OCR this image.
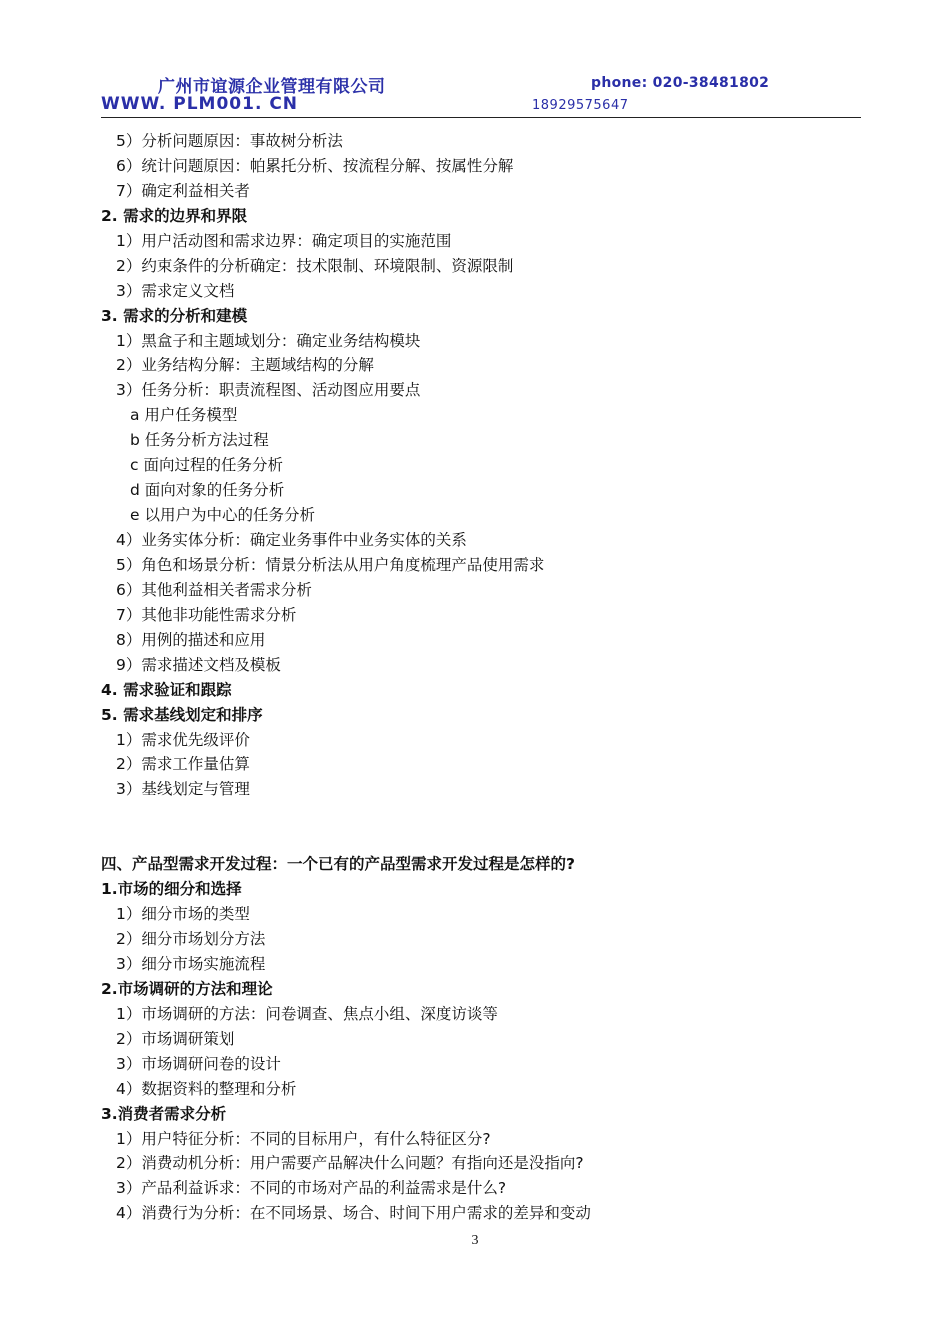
广州市谊源企业管理有限公司
WWW. PLM001. CN
phone: 020-38481802
18929575647
5）分析问题原因：事故树分析法
6）统计问题原因：帕累托分析、按流程分解、按属性分解
7）确定利益相关者
2. 需求的边界和界限
1）用户活动图和需求边界：确定项目的实施范围
2）约束条件的分析确定：技术限制、环境限制、资源限制
3）需求定义文档
3. 需求的分析和建模
1）黑盒子和主题域划分：确定业务结构模块
2）业务结构分解：主题域结构的分解
3）任务分析：职责流程图、活动图应用要点
a 用户任务模型
b 任务分析方法过程
c 面向过程的任务分析
d 面向对象的任务分析
e 以用户为中心的任务分析
4）业务实体分析：确定业务事件中业务实体的关系
5）角色和场景分析：情景分析法从用户角度梳理产品使用需求
6）其他利益相关者需求分析
7）其他非功能性需求分析
8）用例的描述和应用
9）需求描述文档及模板
4. 需求验证和跟踪
5. 需求基线划定和排序
1）需求优先级评价
2）需求工作量估算
3）基线划定与管理
四、产品型需求开发过程：一个已有的产品型需求开发过程是怎样的?
1.市场的细分和选择
1）细分市场的类型
2）细分市场划分方法
3）细分市场实施流程
2.市场调研的方法和理论
1）市场调研的方法：问卷调查、焦点小组、深度访谈等
2）市场调研策划
3）市场调研问卷的设计
4）数据资料的整理和分析
3.消费者需求分析
1）用户特征分析：不同的目标用户，有什么特征区分?
2）消费动机分析：用户需要产品解决什么问题？有指向还是没指向?
3）产品利益诉求：不同的市场对产品的利益需求是什么?
4）消费行为分析：在不同场景、场合、时间下用户需求的差异和变动
3
